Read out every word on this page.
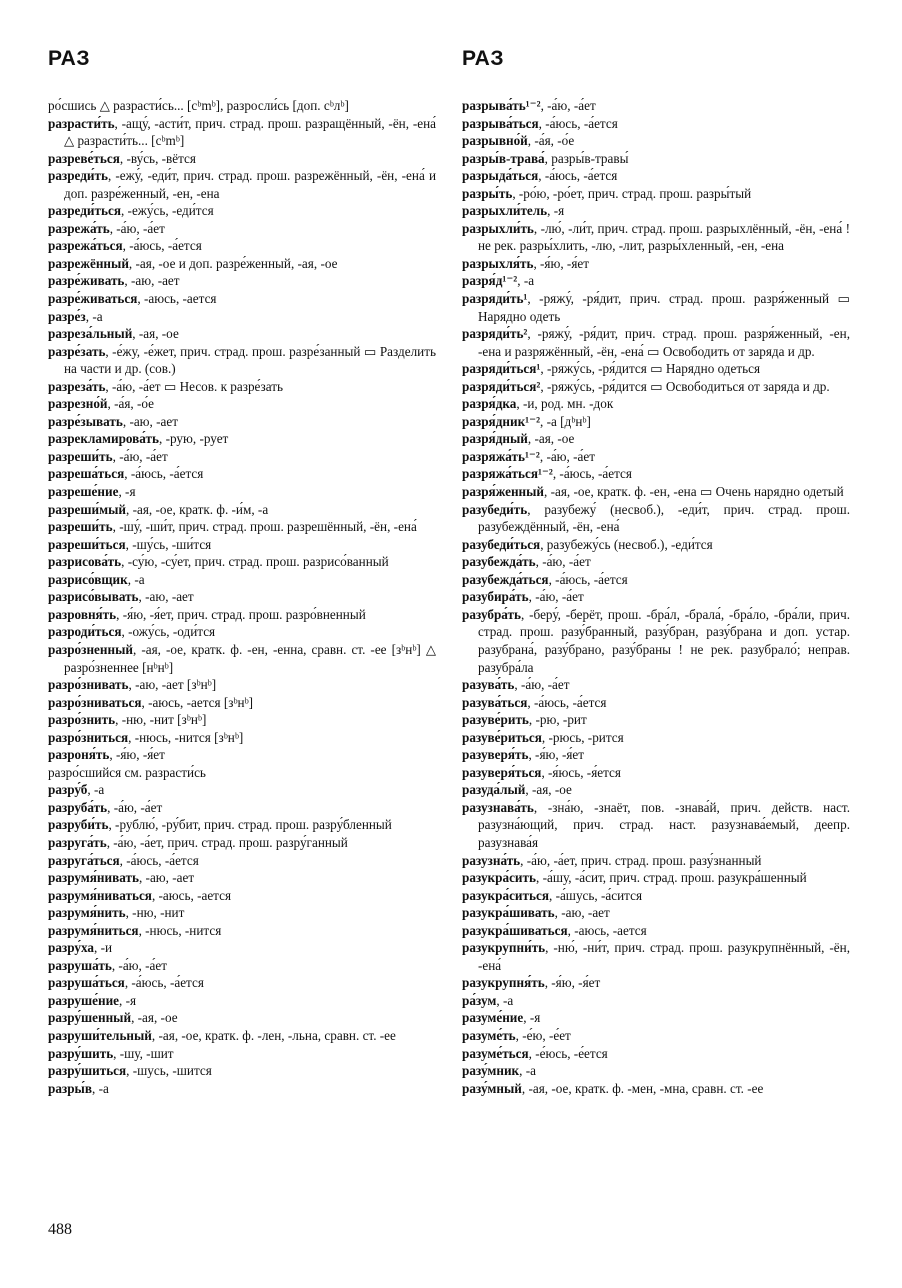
РАЗ	РАЗ
ро́сшись △ разрасти́сь... [cᵇmᵇ], разросли́сь [доп. cᵇлᵇ]
разрасти́ть, -ащу́, -асти́т, прич. страд. прош. разращённый, -ён, -ена́ △ разрасти́ть... [cᵇmᵇ]
разреве́ться, -ву́сь, -вётся
разреди́ть, -ежу́, -еди́т, прич. страд. прош. разрежённый, -ён, -ена́ и доп. разре́женный, -ен, -ена
разреди́ться, -ежу́сь, -еди́тся
разрежа́ть, -а́ю, -а́ет
разрежа́ться, -а́юсь, -а́ется
разрежённый, -ая, -ое и доп. разре́женный, -ая, -ое
разре́живать, -аю, -ает
разре́живаться, -аюсь, -ается
разре́з, -а
разреза́льный, -ая, -ое
разре́зать, -е́жу, -е́жет, прич. страд. прош. разре́занный ▭ Разделить на части и др. (сов.)
разреза́ть, -а́ю, -а́ет ▭ Несов. к разре́зать
разрезно́й, -а́я, -о́е
разре́зывать, -аю, -ает
разрекламирова́ть, -рую, -рует
разреши́ть, -а́ю, -а́ет
разреша́ться, -а́юсь, -а́ется
разреше́ние, -я
разреши́мый, -ая, -ое, кратк. ф. -и́м, -а
разреши́ть, -шу́, -ши́т, прич. страд. прош. разрешённый, -ён, -ена́
разреши́ться, -шу́сь, -ши́тся
разрисова́ть, -су́ю, -су́ет, прич. страд. прош. разрисо́ванный
разрисо́вщик, -а
разрисо́вывать, -аю, -ает
разровня́ть, -я́ю, -я́ет, прич. страд. прош. разро́вненный
разроди́ться, -ожу́сь, -оди́тся
разро́зненный, -ая, -ое, кратк. ф. -ен, -енна, сравн. ст. -ее [зᵇнᵇ] △ разро́зненнее [нᵇнᵇ]
разро́знивать, -аю, -ает [зᵇнᵇ]
разро́зниваться, -аюсь, -ается [зᵇнᵇ]
разро́знить, -ню, -нит [зᵇнᵇ]
разро́зниться, -нюсь, -нится [зᵇнᵇ]
разроня́ть, -я́ю, -я́ет
разро́сшийся см. разрасти́сь
разру́б, -а
разруба́ть, -а́ю, -а́ет
разруби́ть, -рублю́, -ру́бит, прич. страд. прош. разру́бленный
разруга́ть, -а́ю, -а́ет, прич. страд. прош. разру́ганный
разруга́ться, -а́юсь, -а́ется
разрумя́нивать, -аю, -ает
разрумя́ниваться, -аюсь, -ается
разрумя́нить, -ню, -нит
разрумя́ниться, -нюсь, -нится
разру́ха, -и
разруша́ть, -а́ю, -а́ет
разруша́ться, -а́юсь, -а́ется
разруше́ние, -я
разру́шенный, -ая, -ое
разруши́тельный, -ая, -ое, кратк. ф. -лен, -льна, сравн. ст. -ее
разру́шить, -шу, -шит
разру́шиться, -шусь, -шится
разры́в, -а
разрыва́ть¹⁻², -а́ю, -а́ет
разрыва́ться, -а́юсь, -а́ется
разрывно́й, -а́я, -о́е
разры́в-трава́, разры́в-травы́
разрыда́ться, -а́юсь, -а́ется
разры́ть, -ро́ю, -ро́ет, прич. страд. прош. разры́тый
разрыхли́тель, -я
разрыхли́ть, -лю́, -ли́т, прич. страд. прош. разрыхлённый, -ён, -ена́ ! не рек. разры́хлить, -лю, -лит, разры́хленный, -ен, -ена
разрыхля́ть, -я́ю, -я́ет
разря́д¹⁻², -а
разряди́ть¹, -ряжу́, -ря́дит, прич. страд. прош. разря́женный ▭ Нарядно одеть
разряди́ть², -ряжу́, -ря́дит, прич. страд. прош. разря́женный, -ен, -ена и разряжённый, -ён, -ена́ ▭ Освободить от заряда и др.
разряди́ться¹, -ряжу́сь, -ря́дится ▭ Нарядно одеться
разряди́ться², -ряжу́сь, -ря́дится ▭ Освободиться от заряда и др.
разря́дка, -и, род. мн. -док
разря́дник¹⁻², -а [дᵇнᵇ]
разря́дный, -ая, -ое
разряжа́ть¹⁻², -а́ю, -а́ет
разряжа́ться¹⁻², -а́юсь, -а́ется
разря́женный, -ая, -ое, кратк. ф. -ен, -ена ▭ Очень нарядно одетый
разубеди́ть, разубежу́ (несвоб.), -еди́т, прич. страд. прош. разубеждённый, -ён, -ена́
разубеди́ться, разубежу́сь (несвоб.), -еди́тся
разубежда́ть, -а́ю, -а́ет
разубежда́ться, -а́юсь, -а́ется
разубира́ть, -а́ю, -а́ет
разубра́ть, -беру́, -берёт, прош. -бра́л, -брала́, -бра́ло, -бра́ли, прич. страд. прош. разу́бранный, разу́бран, разу́брана и доп. устар. разубрана́, разу́брано, разу́браны ! не рек. разубрало́; неправ. разубра́ла
разува́ть, -а́ю, -а́ет
разува́ться, -а́юсь, -а́ется
разуве́рить, -рю, -рит
разуве́риться, -рюсь, -рится
разуверя́ть, -я́ю, -я́ет
разуверя́ться, -я́юсь, -я́ется
разуда́лый, -ая, -ое
разузнава́ть, -зна́ю, -знаёт, пов. -знава́й, прич. действ. наст. разузна́ющий, прич. страд. наст. разузнава́емый, деепр. разузнава́я
разузна́ть, -а́ю, -а́ет, прич. страд. прош. разу́знанный
разукра́сить, -а́шу, -а́сит, прич. страд. прош. разукра́шенный
разукра́ситься, -а́шусь, -а́сится
разукра́шивать, -аю, -ает
разукра́шиваться, -аюсь, -ается
разукрупни́ть, -ню́, -ни́т, прич. страд. прош. разукрупнённый, -ён, -ена́
разукрупня́ть, -я́ю, -я́ет
ра́зум, -а
разуме́ние, -я
разуме́ть, -е́ю, -е́ет
разуме́ться, -е́юсь, -е́ется
разу́мник, -а
разу́мный, -ая, -ое, кратк. ф. -мен, -мна, сравн. ст. -ее
488
